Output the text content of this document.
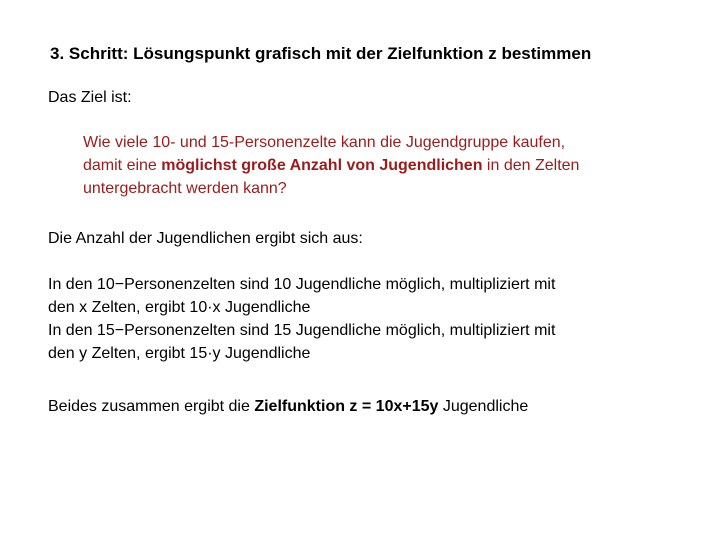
3. Schritt: Lösungspunkt grafisch mit der Zielfunktion z bestimmen
Das Ziel ist:
Wie viele 10- und 15-Personenzelte kann die Jugendgruppe kaufen,
damit eine möglichst große Anzahl von Jugendlichen in den Zelten
untergebracht werden kann?
Die Anzahl der Jugendlichen ergibt sich aus:
In den 10−Personenzelten sind 10 Jugendliche möglich, multipliziert mit
den x Zelten, ergibt 10·x Jugendliche
In den 15−Personenzelten sind 15 Jugendliche möglich, multipliziert mit
den y Zelten, ergibt 15·y Jugendliche
Beides zusammen ergibt die Zielfunktion z = 10x+15y Jugendliche
